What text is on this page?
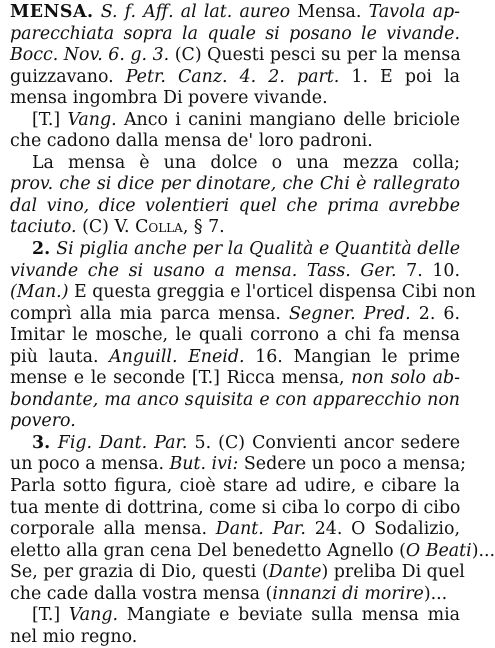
MENSA. S. f. Aff. al lat. aureo Mensa. Tavola ap-
parecchiata sopra la quale si posano le vivande.
Bocc. Nov. 6. g. 3. (C) Questi pesci su per la mensa
guizzavano. Petr. Canz. 4. 2. part. 1. E poi la
mensa ingombra Di povere vivande.
[T.] Vang. Anco i canini mangiano delle briciole
che cadono dalla mensa de' loro padroni.
La mensa è una dolce o una mezza colla;
prov. che si dice per dinotare, che Chi è rallegrato
dal vino, dice volentieri quel che prima avrebbe
taciuto. (C) V. Colla, § 7.
2. Si piglia anche per la Qualità e Quantità delle
vivande che si usano a mensa. Tass. Ger. 7. 10.
(Man.) E questa greggia e l'orticel dispensa Cibi non
comprì alla mia parca mensa. Segner. Pred. 2. 6.
Imitar le mosche, le quali corrono a chi fa mensa
più lauta. Anguill. Eneid. 16. Mangian le prime
mense e le seconde [T.] Ricca mensa, non solo ab-
bondante, ma anco squisita e con apparecchio non
povero.
3. Fig. Dant. Par. 5. (C) Convienti ancor sedere
un poco a mensa. But. ivi: Sedere un poco a mensa;
Parla sotto figura, cioè stare ad udire, e cibare la
tua mente di dottrina, come si ciba lo corpo di cibo
corporale alla mensa. Dant. Par. 24. O Sodalizio,
eletto alla gran cena Del benedetto Agnello (O Beati)...
Se, per grazia di Dio, questi (Dante) prelibа Di quel
che cade dalla vostra mensa (innanzi di morire)...
[T.] Vang. Mangiate e beviate sulla mensa mia
nel mio regno.
